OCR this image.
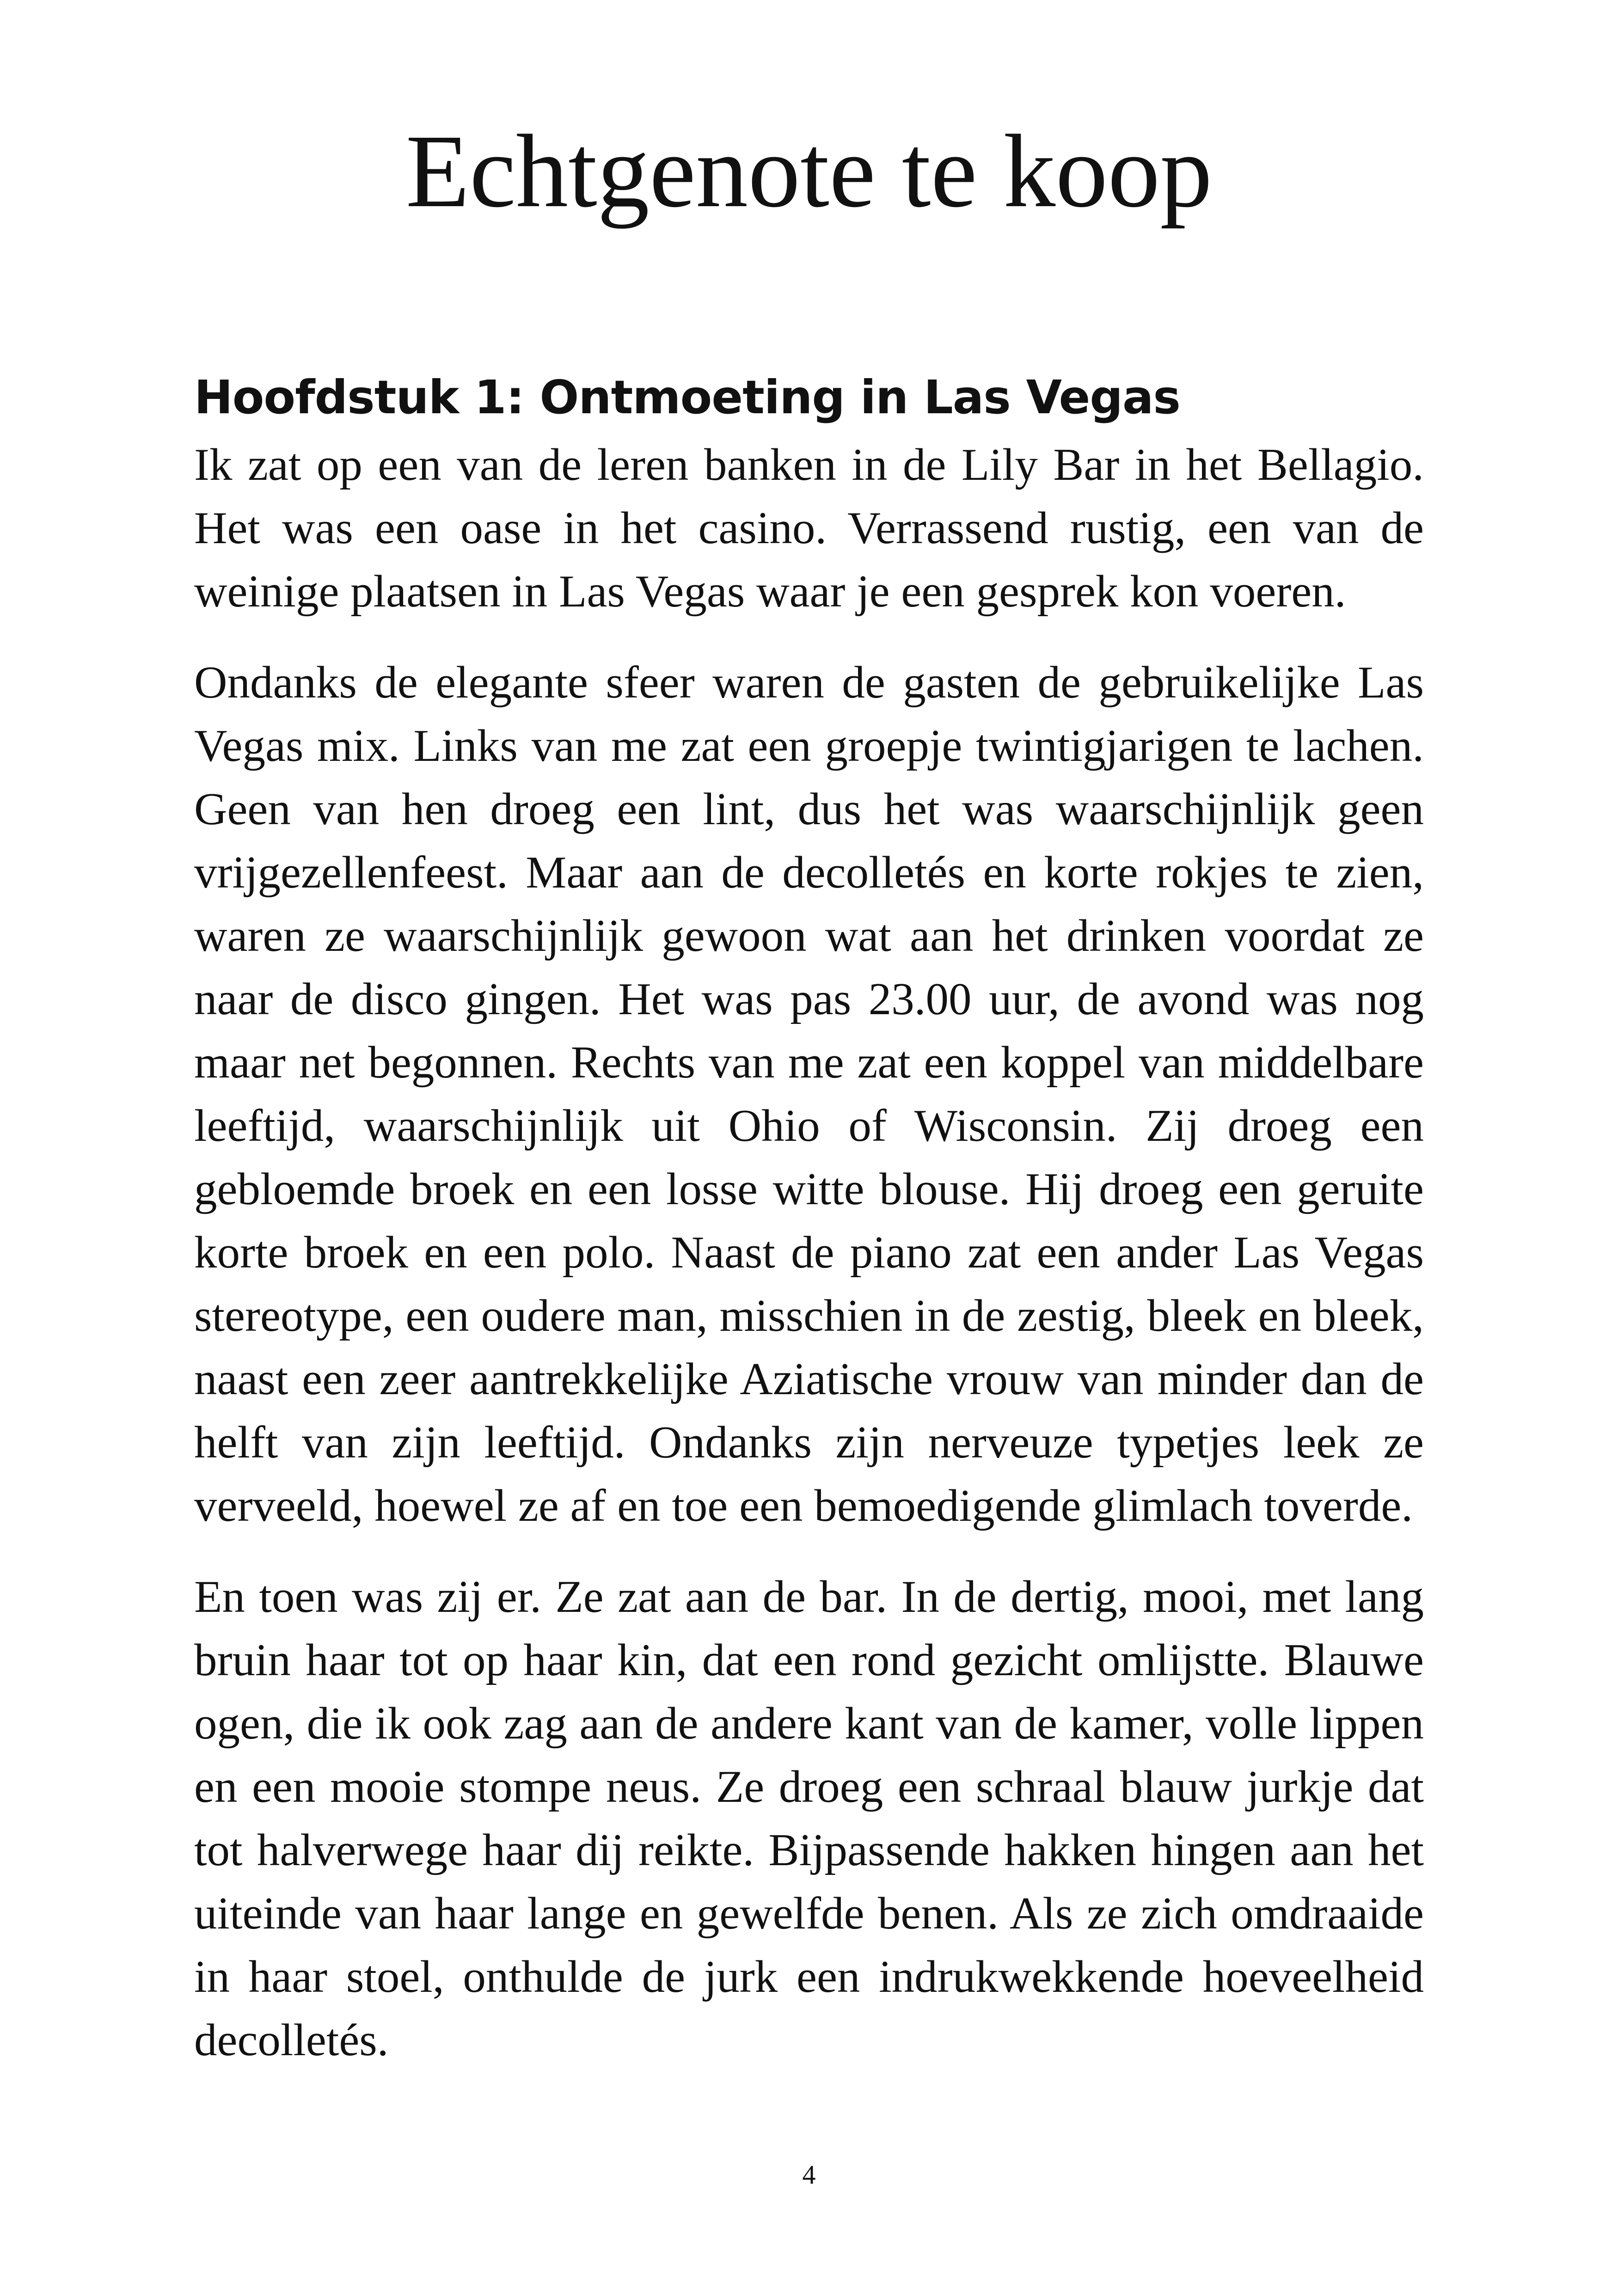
Echtgenote te koop
Hoofdstuk 1: Ontmoeting in Las Vegas

Ik zat op een van de leren banken in de Lily Bar in het Bellagio. Het was een oase in het casino. Verrassend rustig, een van de weinige plaatsen in Las Vegas waar je een gesprek kon voeren.

Ondanks de elegante sfeer waren de gasten de gebruikelijke Las Vegas mix. Links van me zat een groepje twintigjarigen te lachen. Geen van hen droeg een lint, dus het was waarschijnlijk geen vrijgezellenfeest. Maar aan de decolletés en korte rokjes te zien, waren ze waarschijnlijk gewoon wat aan het drinken voordat ze naar de disco gingen. Het was pas 23.00 uur, de avond was nog maar net begonnen. Rechts van me zat een koppel van middelbare leeftijd, waarschijnlijk uit Ohio of Wisconsin. Zij droeg een gebloemde broek en een losse witte blouse. Hij droeg een geruite korte broek en een polo. Naast de piano zat een ander Las Vegas stereotype, een oudere man, misschien in de zestig, bleek en bleek, naast een zeer aantrekkelijke Aziatische vrouw van minder dan de helft van zijn leeftijd. Ondanks zijn nerveuze typetjes leek ze verveeld, hoewel ze af en toe een bemoedigende glimlach toverde.

En toen was zij er. Ze zat aan de bar. In de dertig, mooi, met lang bruin haar tot op haar kin, dat een rond gezicht omlijstte. Blauwe ogen, die ik ook zag aan de andere kant van de kamer, volle lippen en een mooie stompe neus. Ze droeg een schraal blauw jurkje dat tot halverwege haar dij reikte. Bijpassende hakken hingen aan het uiteinde van haar lange en gewelfde benen. Als ze zich omdraaide in haar stoel, onthulde de jurk een indrukwekkende hoeveelheid decolletés.

4
